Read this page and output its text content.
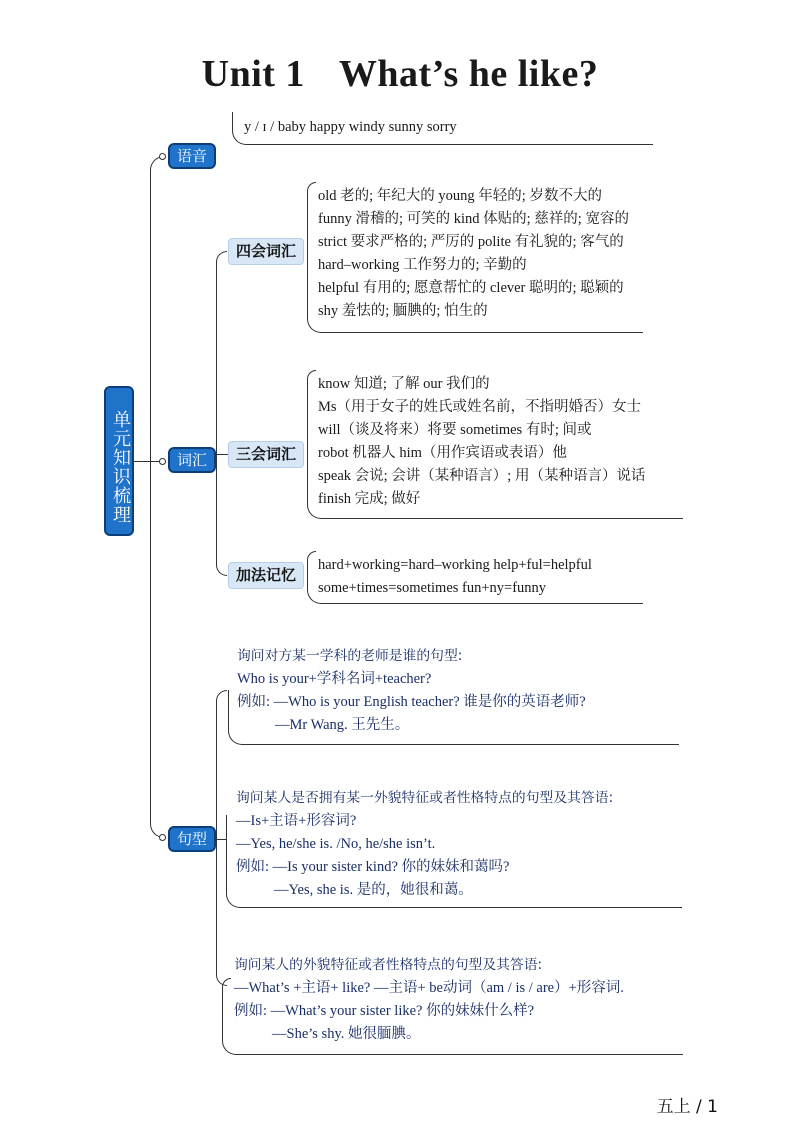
Unit 1 What’s he like?
单元知识梳理
语音
y / ɪ / baby happy windy sunny sorry
词汇
四会词汇
old 老的; 年纪大的 young 年轻的; 岁数不大的
funny 滑稽的; 可笑的 kind 体贴的; 慈祥的; 宽容的
strict 要求严格的; 严厉的 polite 有礼貌的; 客气的
hard–working 工作努力的; 辛勤的
helpful 有用的; 愿意帮忙的 clever 聪明的; 聪颖的
shy 羞怯的; 腼腆的; 怕生的
三会词汇
know 知道; 了解 our 我们的
Ms（用于女子的姓氏或姓名前，不指明婚否）女士
will（谈及将来）将要 sometimes 有时; 间或
robot 机器人 him（用作宾语或表语）他
speak 会说; 会讲（某种语言）; 用（某种语言）说话
finish 完成; 做好
加法记忆
hard+working=hard–working help+ful=helpful
some+times=sometimes fun+ny=funny
句型
询问对方某一学科的老师是谁的句型:
Who is your+学科名词+teacher?
例如: —Who is your English teacher? 谁是你的英语老师?
—Mr Wang. 王先生。
询问某人是否拥有某一外貌特征或者性格特点的句型及其答语:
—Is+主语+形容词?
—Yes, he/she is. /No, he/she isn’t.
例如: —Is your sister kind? 你的妹妹和蔼吗?
—Yes, she is. 是的，她很和蔼。
询问某人的外貌特征或者性格特点的句型及其答语:
—What’s +主语+ like? —主语+ be动词（am / is / are）+形容词.
例如: —What’s your sister like? 你的妹妹什么样?
—She’s shy. 她很腼腆。
五上 / 1
